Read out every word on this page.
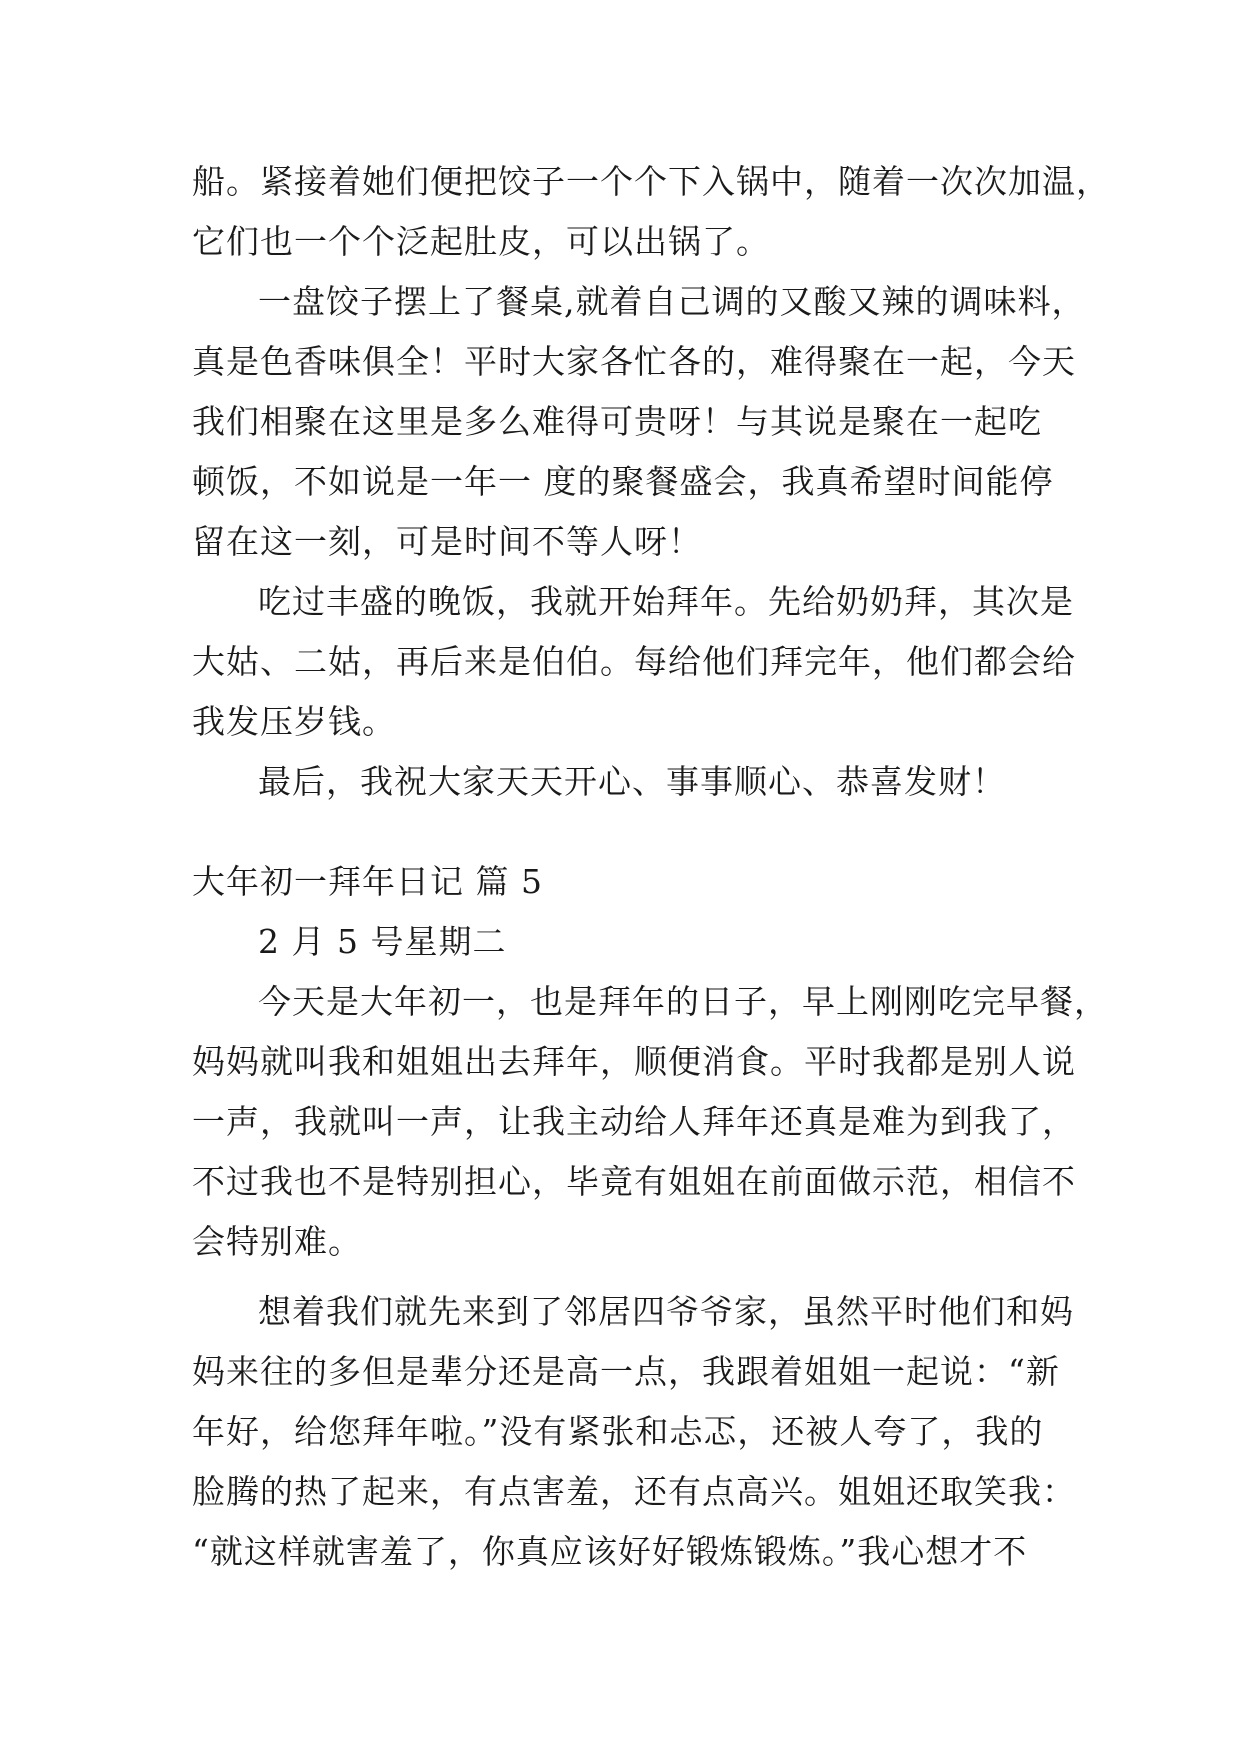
船。紧接着她们便把饺子一个个下入锅中，随着一次次加温，

它们也一个个泛起肚皮，可以出锅了。

一盘饺子摆上了餐桌,就着自己调的又酸又辣的调味料，

真是色香味俱全！平时大家各忙各的，难得聚在一起，今天

我们相聚在这里是多么难得可贵呀！与其说是聚在一起吃

顿饭，不如说是一年一 度的聚餐盛会，我真希望时间能停

留在这一刻，可是时间不等人呀！

吃过丰盛的晚饭，我就开始拜年。先给奶奶拜，其次是

大姑、二姑，再后来是伯伯。每给他们拜完年，他们都会给

我发压岁钱。

最后，我祝大家天天开心、事事顺心、恭喜发财！

大年初一拜年日记 篇 5

2 月 5 号星期二

今天是大年初一，也是拜年的日子，早上刚刚吃完早餐，

妈妈就叫我和姐姐出去拜年，顺便消食。平时我都是别人说

一声，我就叫一声，让我主动给人拜年还真是难为到我了，

不过我也不是特别担心，毕竟有姐姐在前面做示范，相信不

会特别难。

想着我们就先来到了邻居四爷爷家，虽然平时他们和妈

妈来往的多但是辈分还是高一点，我跟着姐姐一起说：“新

年好，给您拜年啦。”没有紧张和忐忑，还被人夸了，我的

脸腾的热了起来，有点害羞，还有点高兴。姐姐还取笑我：

“就这样就害羞了，你真应该好好锻炼锻炼。”我心想才不
